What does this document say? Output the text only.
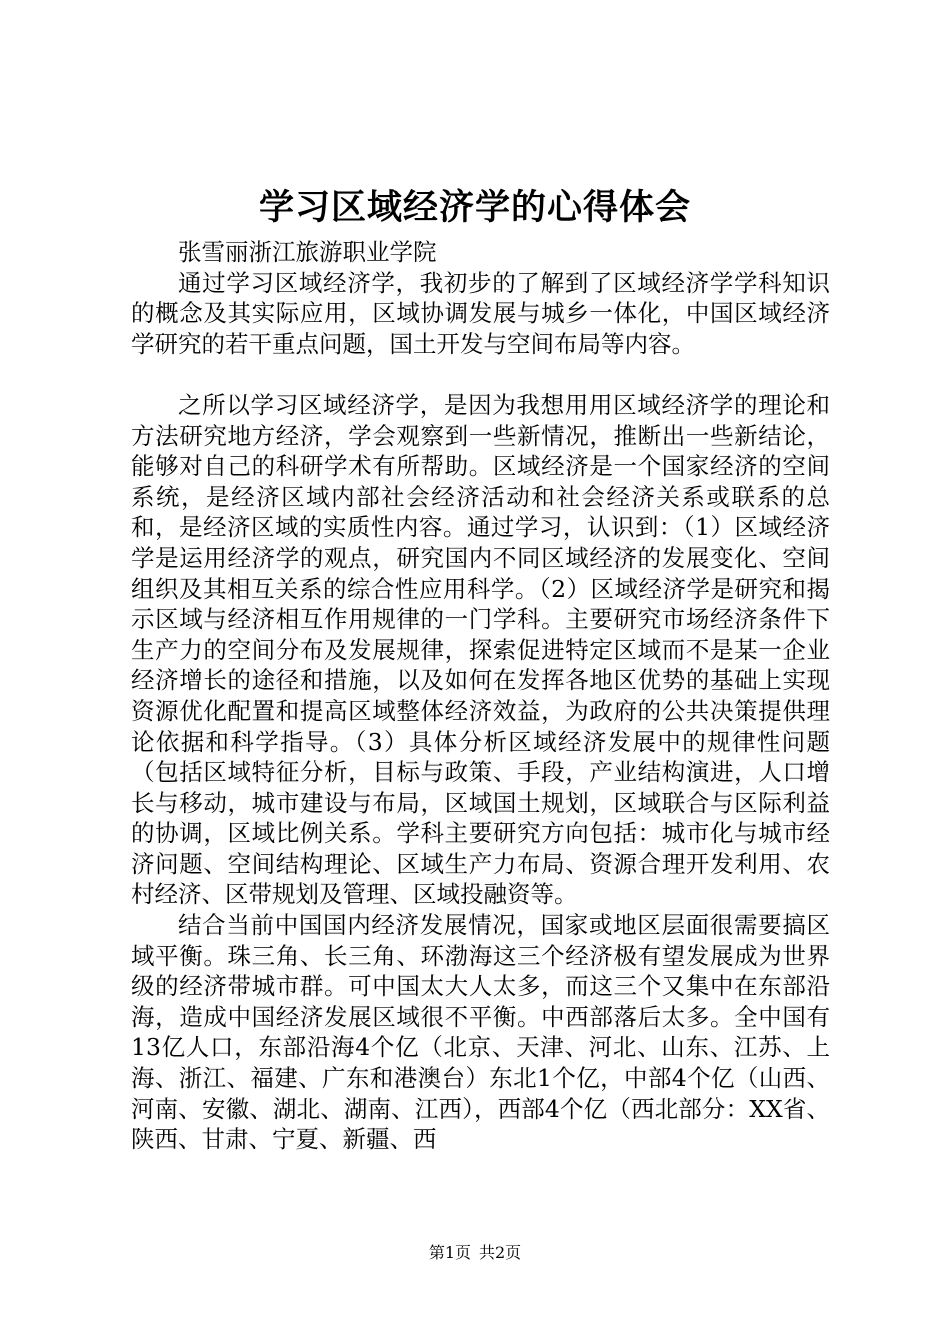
学习区域经济学的心得体会

张雪丽浙江旅游职业学院

通过学习区域经济学，我初步的了解到了区域经济学学科知识的概念及其实际应用，区域协调发展与城乡一体化，中国区域经济学研究的若干重点问题，国土开发与空间布局等内容。

之所以学习区域经济学，是因为我想用用区域经济学的理论和方法研究地方经济，学会观察到一些新情况，推断出一些新结论，能够对自己的科研学术有所帮助。区域经济是一个国家经济的空间系统，是经济区域内部社会经济活动和社会经济关系或联系的总和，是经济区域的实质性内容。通过学习，认识到：（1）区域经济学是运用经济学的观点，研究国内不同区域经济的发展变化、空间组织及其相互关系的综合性应用科学。（2）区域经济学是研究和揭示区域与经济相互作用规律的一门学科。主要研究市场经济条件下生产力的空间分布及发展规律，探索促进特定区域而不是某一企业经济增长的途径和措施，以及如何在发挥各地区优势的基础上实现资源优化配置和提高区域整体经济效益，为政府的公共决策提供理论依据和科学指导。（3）具体分析区域经济发展中的规律性问题（包括区域特征分析，目标与政策、手段，产业结构演进，人口增长与移动，城市建设与布局，区域国土规划，区域联合与区际利益的协调，区域比例关系。学科主要研究方向包括：城市化与城市经济问题、空间结构理论、区域生产力布局、资源合理开发利用、农村经济、区带规划及管理、区域投融资等。

结合当前中国国内经济发展情况，国家或地区层面很需要搞区域平衡。珠三角、长三角、环渤海这三个经济极有望发展成为世界级的经济带城市群。可中国太大人太多，而这三个又集中在东部沿海，造成中国经济发展区域很不平衡。中西部落后太多。全中国有13亿人口，东部沿海4个亿（北京、天津、河北、山东、江苏、上海、浙江、福建、广东和港澳台）东北1个亿，中部4个亿（山西、河南、安徽、湖北、湖南、江西），西部4个亿（西北部分：XX省、陕西、甘肃、宁夏、新疆、西

第1页 共2页
